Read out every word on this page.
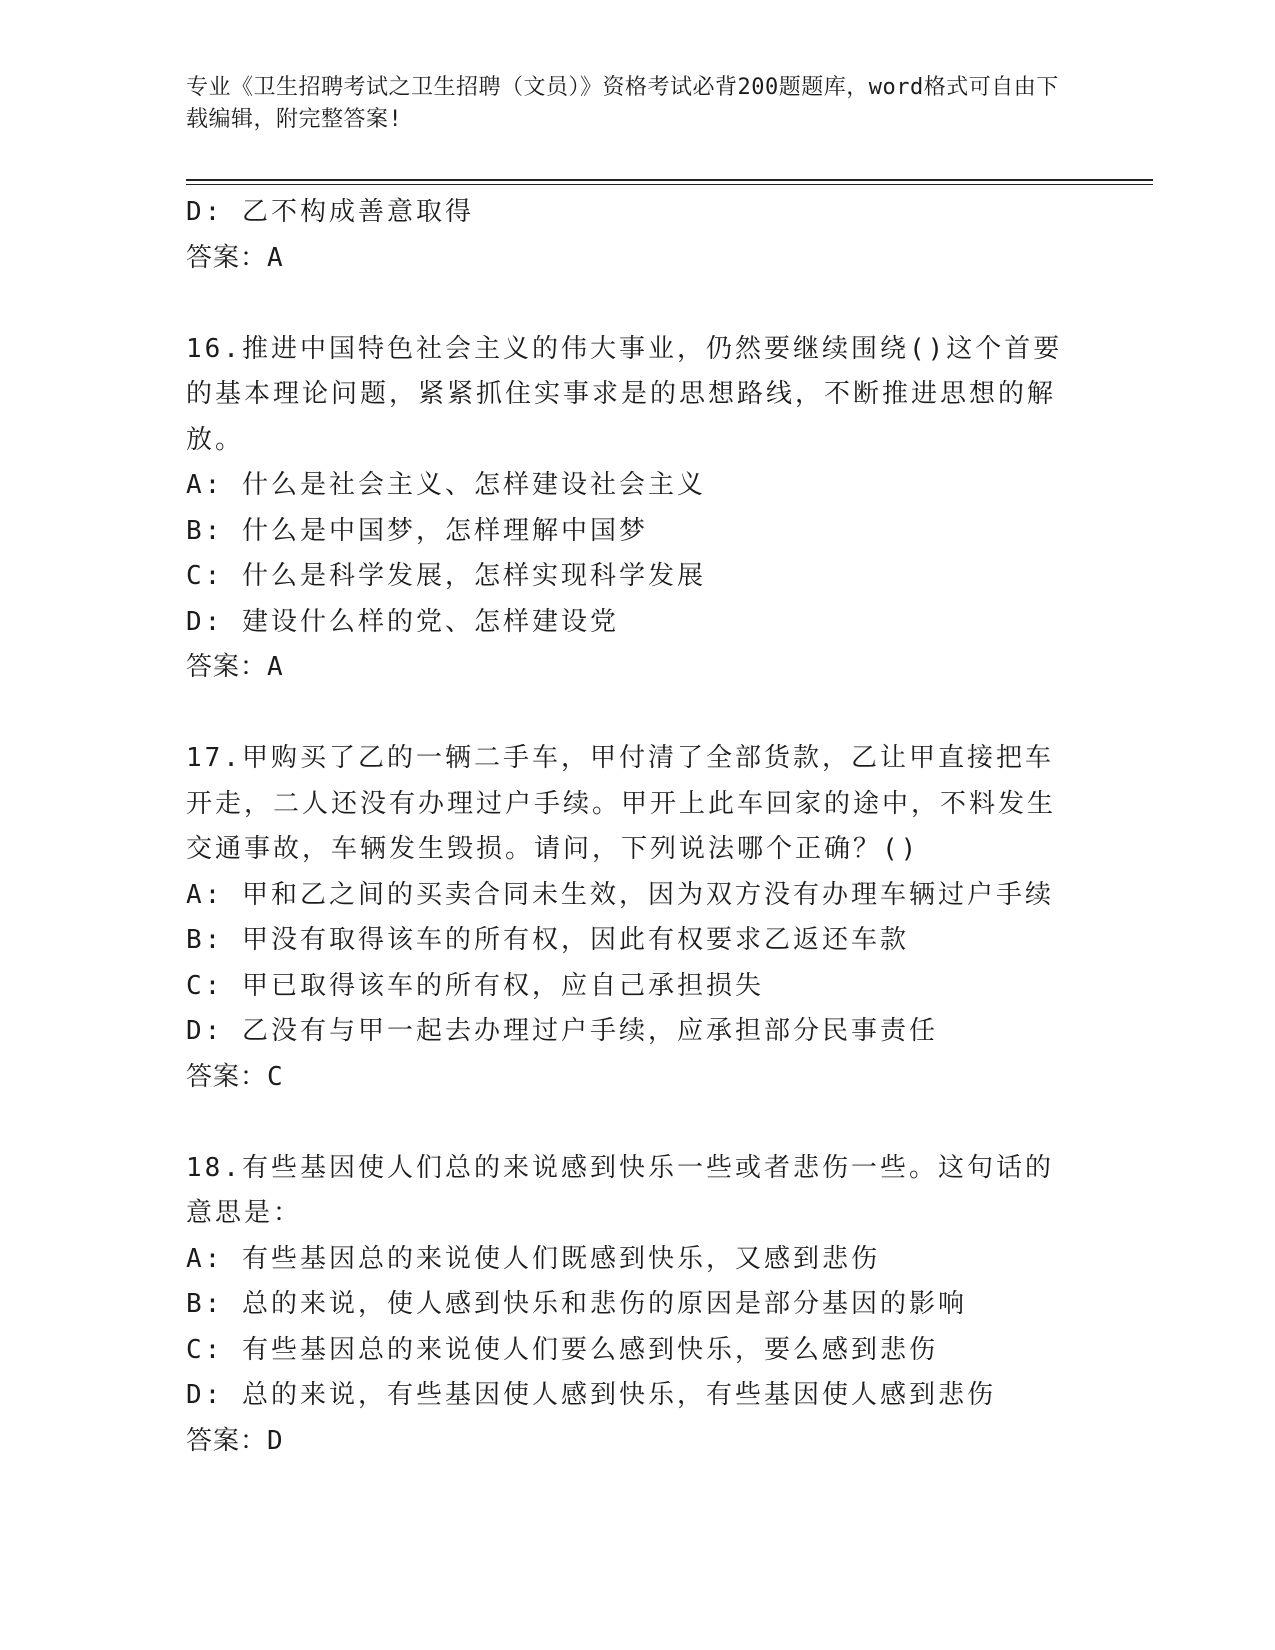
专业《卫生招聘考试之卫生招聘（文员）》资格考试必背200题题库，word格式可自由下载编辑，附完整答案!
D: 乙不构成善意取得
答案：A
16.推进中国特色社会主义的伟大事业，仍然要继续围绕()这个首要的基本理论问题，紧紧抓住实事求是的思想路线，不断推进思想的解放。
A: 什么是社会主义、怎样建设社会主义
B: 什么是中国梦，怎样理解中国梦
C: 什么是科学发展，怎样实现科学发展
D: 建设什么样的党、怎样建设党
答案：A
17.甲购买了乙的一辆二手车，甲付清了全部货款，乙让甲直接把车开走，二人还没有办理过户手续。甲开上此车回家的途中，不料发生交通事故，车辆发生毁损。请问，下列说法哪个正确？()
A: 甲和乙之间的买卖合同未生效，因为双方没有办理车辆过户手续
B: 甲没有取得该车的所有权，因此有权要求乙返还车款
C: 甲已取得该车的所有权，应自己承担损失
D: 乙没有与甲一起去办理过户手续，应承担部分民事责任
答案：C
18.有些基因使人们总的来说感到快乐一些或者悲伤一些。这句话的意思是：
A: 有些基因总的来说使人们既感到快乐，又感到悲伤
B: 总的来说，使人感到快乐和悲伤的原因是部分基因的影响
C: 有些基因总的来说使人们要么感到快乐，要么感到悲伤
D: 总的来说，有些基因使人感到快乐，有些基因使人感到悲伤
答案：D
